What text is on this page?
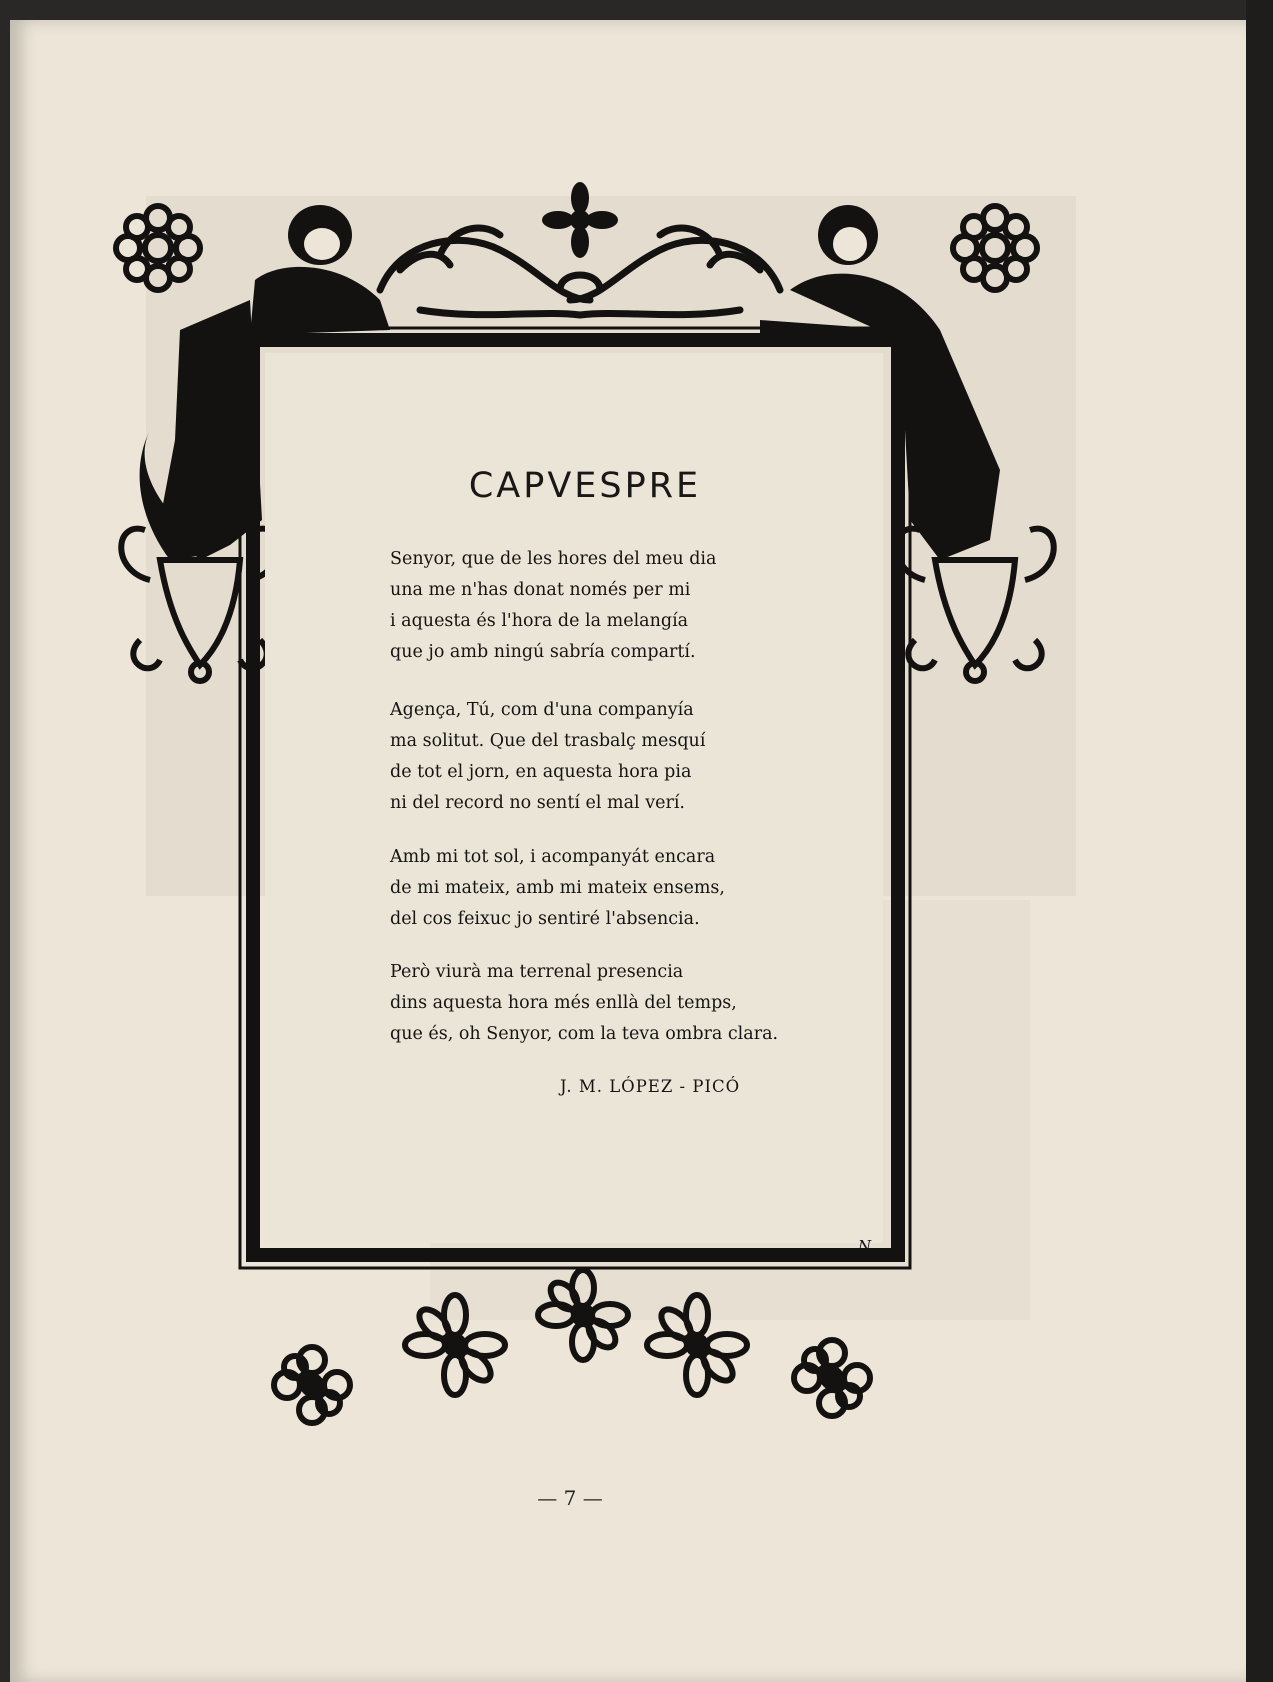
CAPVESPRE
Senyor, que de les hores del meu dia
una me n'has donat només per mi
i aquesta és l'hora de la melangía
que jo amb ningú sabría compartí.
Agença, Tú, com d'una companyía
ma solitut. Que del trasbalç mesquí
de tot el jorn, en aquesta hora pia
ni del record no sentí el mal verí.
Amb mi tot sol, i acompanyát encara
de mi mateix, amb mi mateix ensems,
del cos feixuc jo sentiré l'absencia.
Però viurà ma terrenal presencia
dins aquesta hora més enllà del temps,
que és, oh Senyor, com la teva ombra clara.
J. M. LÓPEZ - PICÓ
N.
— 7 —
